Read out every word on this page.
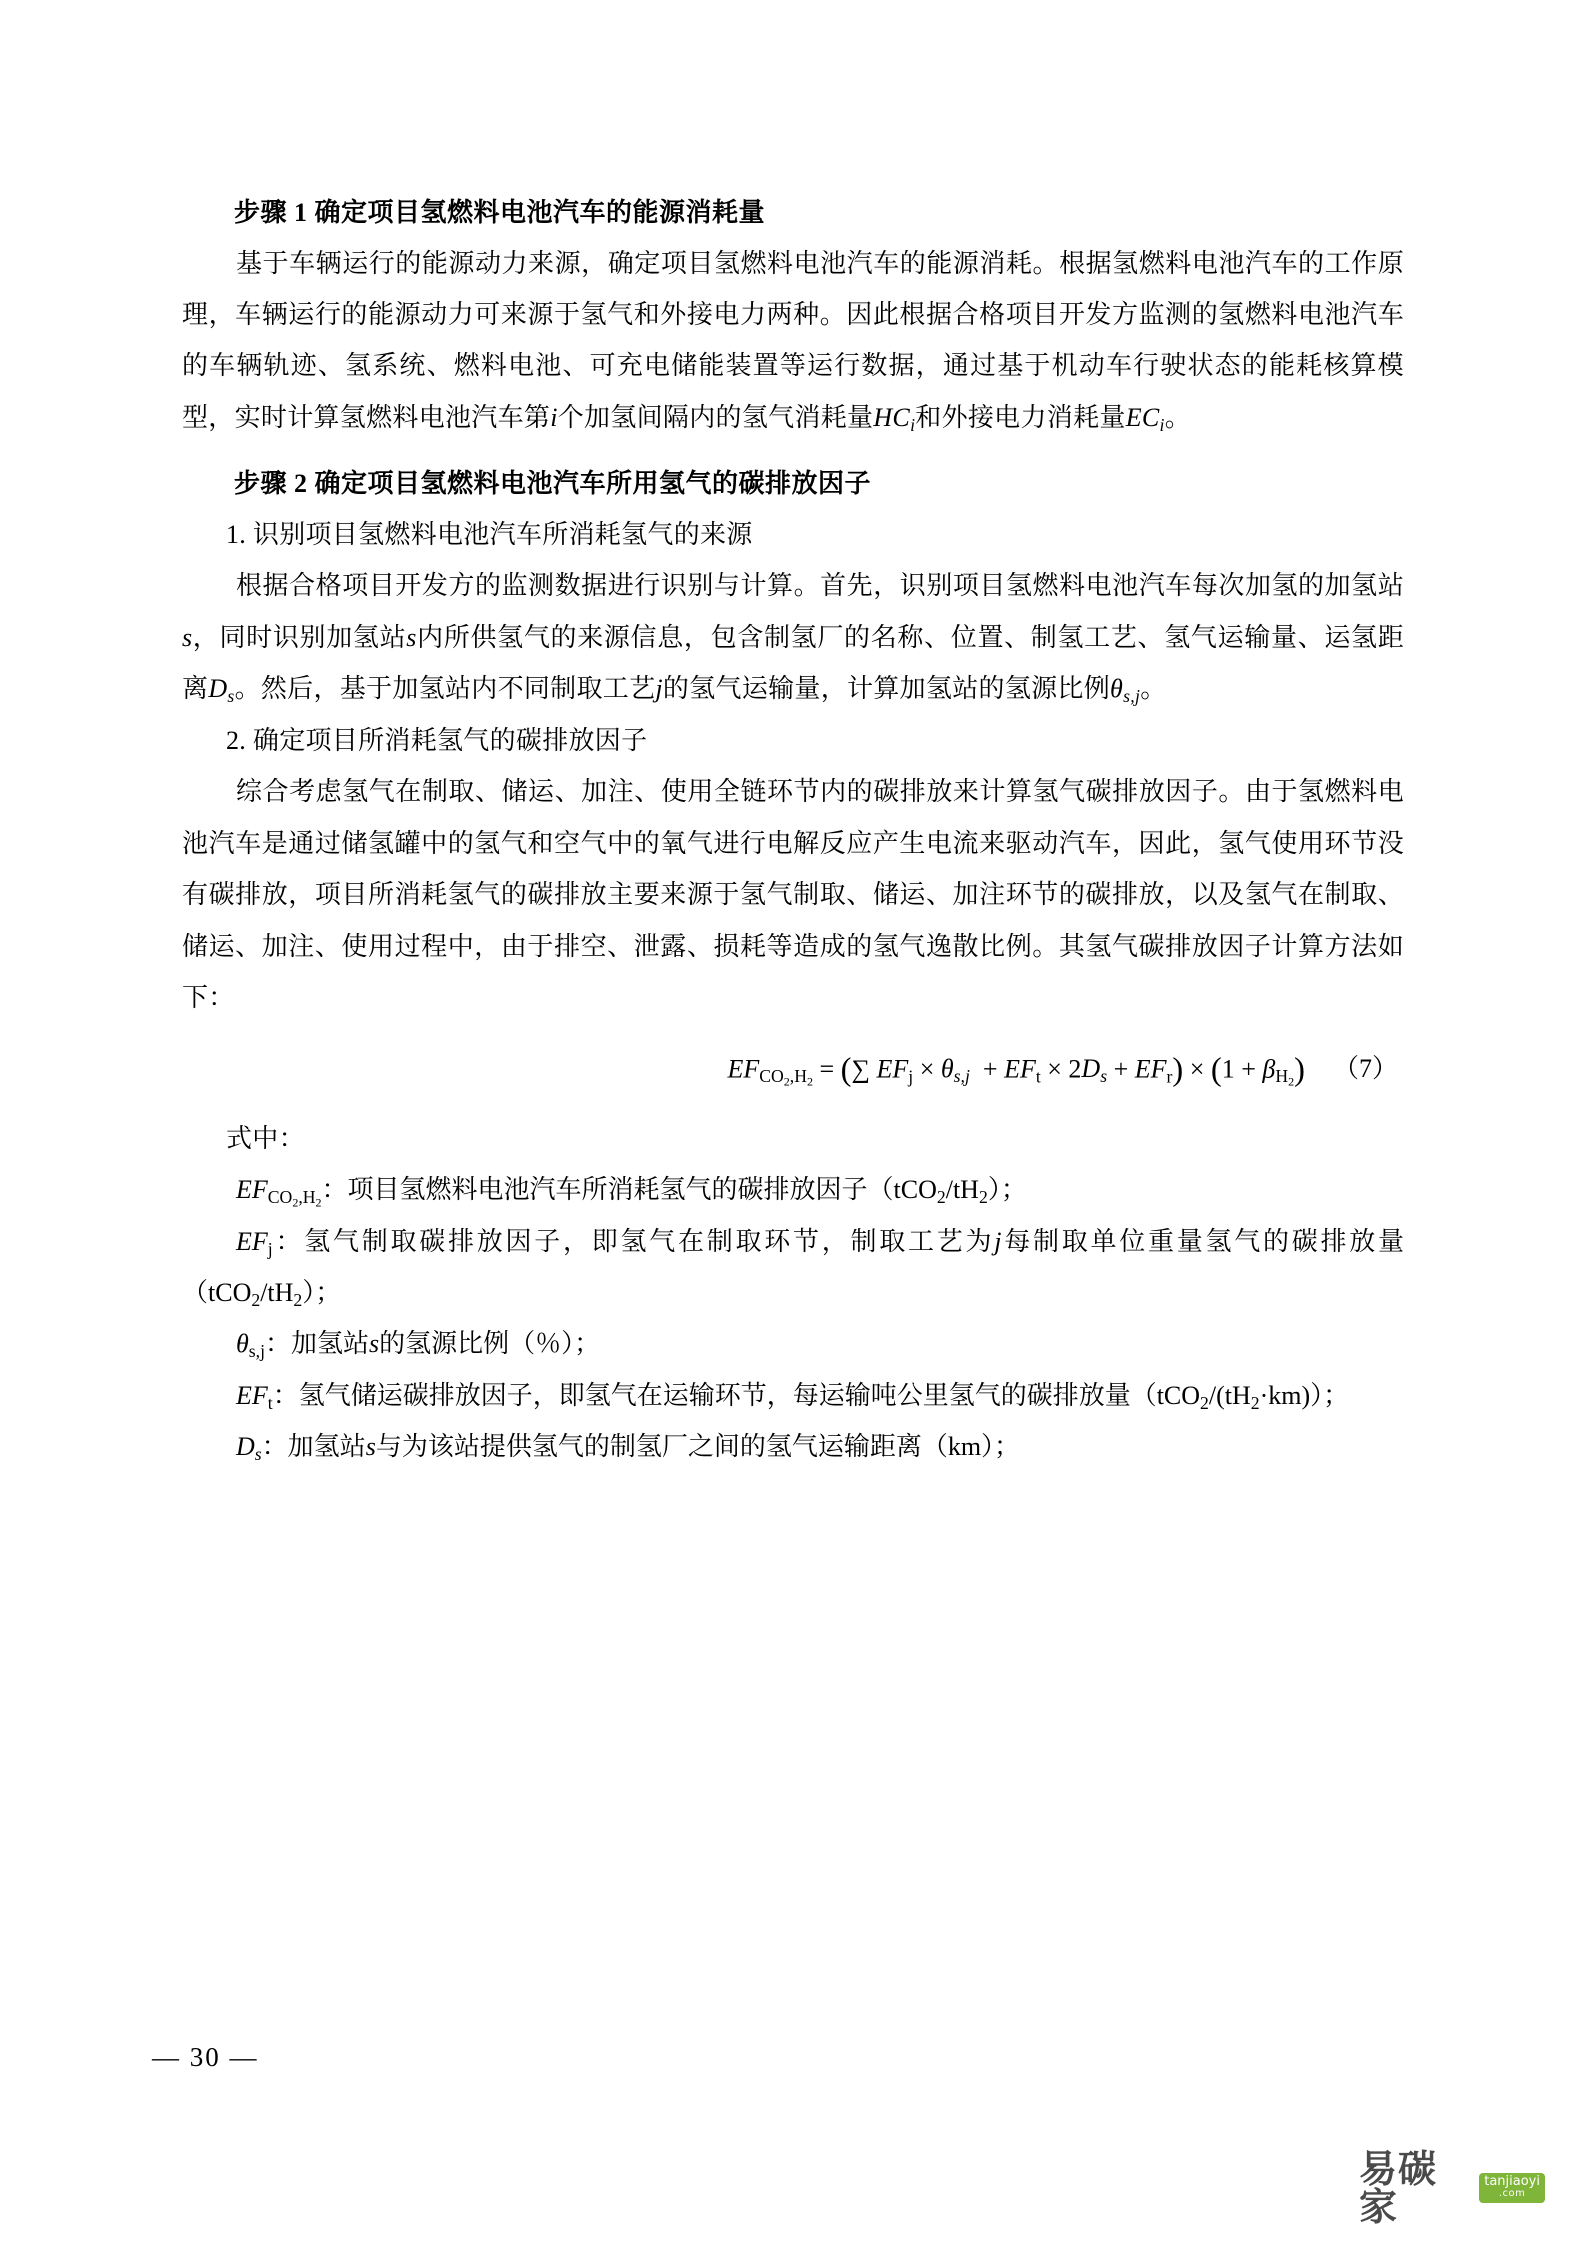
步骤 1 确定项目氢燃料电池汽车的能源消耗量

基于车辆运行的能源动力来源，确定项目氢燃料电池汽车的能源消耗。根据氢燃料电池汽车的工作原理，车辆运行的能源动力可来源于氢气和外接电力两种。因此根据合格项目开发方监测的氢燃料电池汽车的车辆轨迹、氢系统、燃料电池、可充电储能装置等运行数据，通过基于机动车行驶状态的能耗核算模型，实时计算氢燃料电池汽车第i个加氢间隔内的氢气消耗量$HC_i$和外接电力消耗量$EC_i$。

步骤 2 确定项目氢燃料电池汽车所用氢气的碳排放因子

1. 识别项目氢燃料电池汽车所消耗氢气的来源

根据合格项目开发方的监测数据进行识别与计算。首先，识别项目氢燃料电池汽车每次加氢的加氢站s，同时识别加氢站s内所供氢气的来源信息，包含制氢厂的名称、位置、制氢工艺、氢气运输量、运氢距离$D_s$。然后，基于加氢站内不同制取工艺j的氢气运输量，计算加氢站的氢源比例$\theta_{s,j}$。

2. 确定项目所消耗氢气的碳排放因子

综合考虑氢气在制取、储运、加注、使用全链环节内的碳排放来计算氢气碳排放因子。由于氢燃料电池汽车是通过储氢罐中的氢气和空气中的氧气进行电解反应产生电流来驱动汽车，因此，氢气使用环节没有碳排放，项目所消耗氢气的碳排放主要来源于氢气制取、储运、加注环节的碳排放，以及氢气在制取、储运、加注、使用过程中，由于排空、泄露、损耗等造成的氢气逸散比例。其氢气碳排放因子计算方法如下：

$EF_{CO_2,H_2}$ = (∑ $EF_j \times \theta_{s,j} + EF_t \times 2D_s + EF_r) \times (1 + \beta_{H_2})$ （7）

式中：

$EF_{CO_2,H_2}$：项目氢燃料电池汽车所消耗氢气的碳排放因子$(tCO_2/tH_2)$；

$EF_j$：氢气制取碳排放因子，即氢气在制取环节，制取工艺为j每制取单位重量氢气的碳排放量$(tCO_2/tH_2)$；

$\theta_{s,j}$：加氢站s的氢源比例（％）；

$EF_t$：氢气储运碳排放因子，即氢气在运输环节，每运输吨公里氢气的碳排放量$(tCO_2/(tH_2\cdot km))$；

$D_s$：加氢站s与为该站提供氢气的制氢厂之间的氢气运输距离（km）；

— 30 —
易碳家
tanjiaoyi
.com
